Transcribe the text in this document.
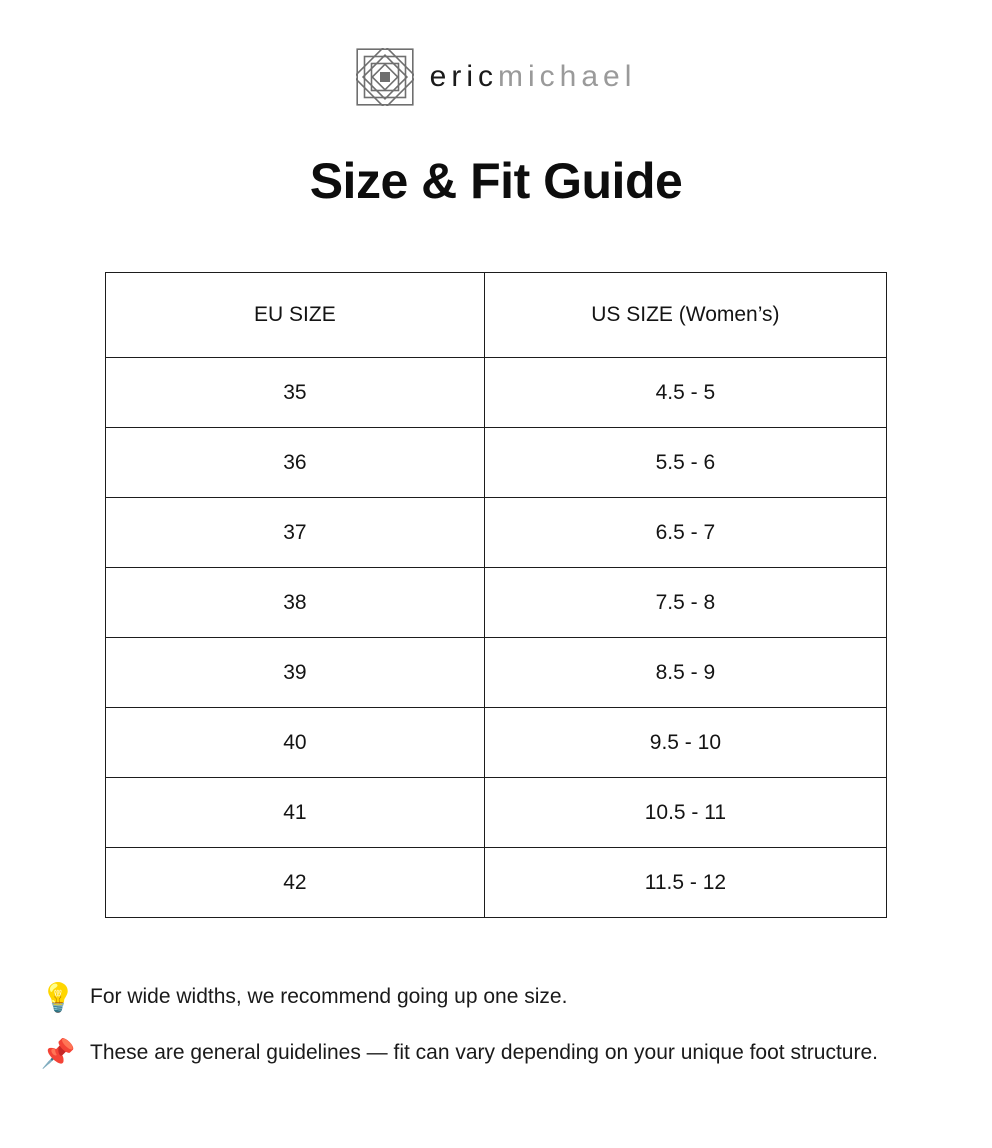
eric michael
Size & Fit Guide
EU SIZE	US SIZE (Women’s)
35	4.5 - 5
36	5.5 - 6
37	6.5 - 7
38	7.5 - 8
39	8.5 - 9
40	9.5 - 10
41	10.5 - 11
42	11.5 - 12
💡 For wide widths, we recommend going up one size.
📌 These are general guidelines — fit can vary depending on your unique foot structure.
